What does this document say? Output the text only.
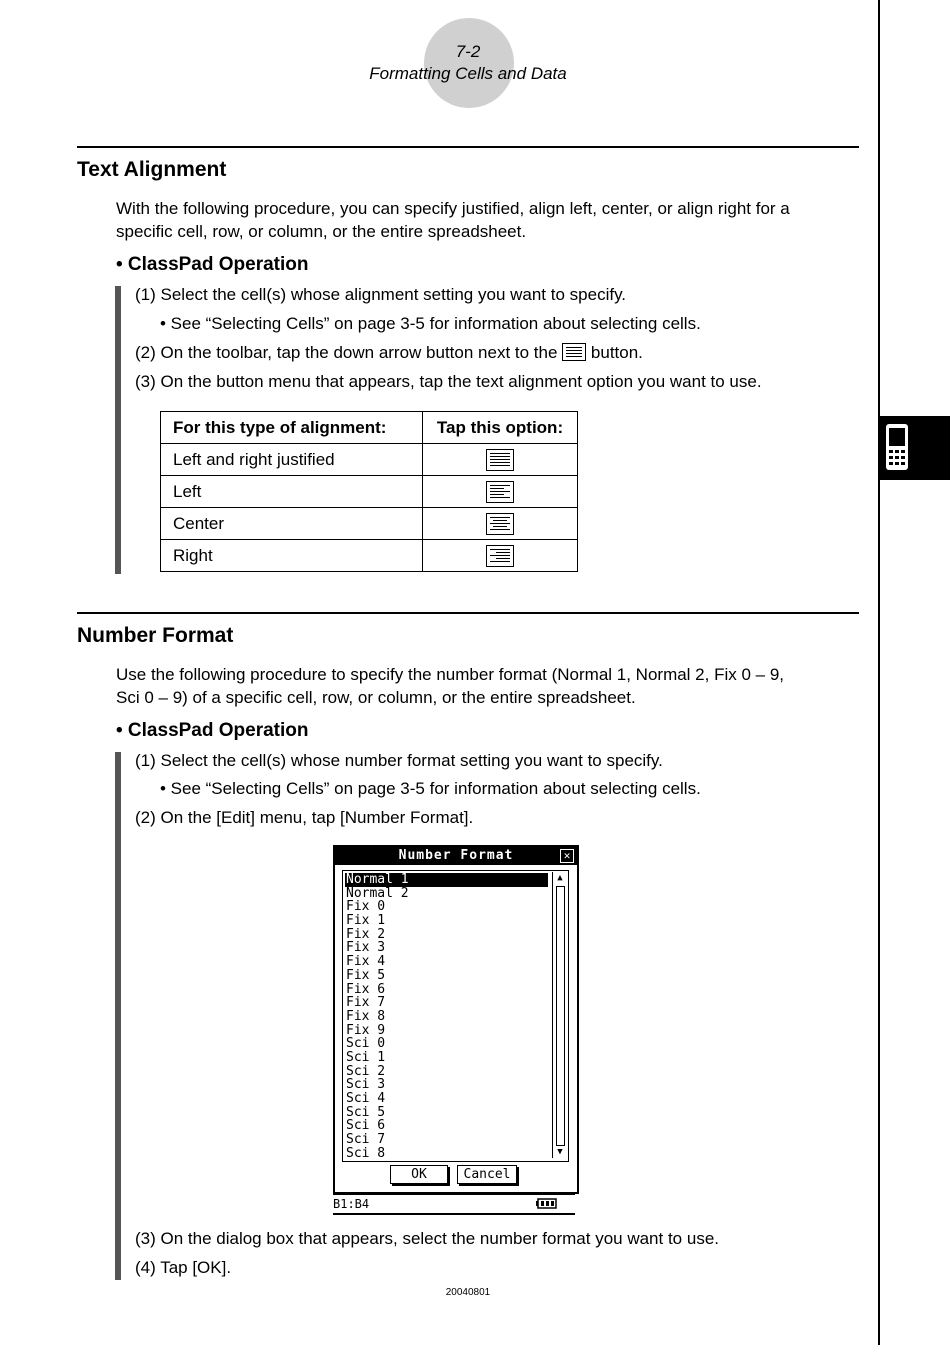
7-2
Formatting Cells and Data
Text Alignment
With the following procedure, you can specify justified, align left, center, or align right for a
specific cell, row, or column, or the entire spreadsheet.
• ClassPad Operation
(1) Select the cell(s) whose alignment setting you want to specify.
• See “Selecting Cells” on page 3-5 for information about selecting cells.
(2) On the toolbar, tap the down arrow button next to the button.
(3) On the button menu that appears, tap the text alignment option you want to use.
For this type of alignment:	Tap this option:
Left and right justified	

Left	

Center	

Right	
Number Format
Use the following procedure to specify the number format (Normal 1, Normal 2, Fix 0 – 9,
Sci 0 – 9) of a specific cell, row, or column, or the entire spreadsheet.
• ClassPad Operation
(1) Select the cell(s) whose number format setting you want to specify.
• See “Selecting Cells” on page 3-5 for information about selecting cells.
(2) On the [Edit] menu, tap [Number Format].
Number Format	✕
Normal 1
Normal 2
Fix 0
Fix 1
Fix 2
Fix 3
Fix 4
Fix 5
Fix 6
Fix 7
Fix 8
Fix 9
Sci 0
Sci 1
Sci 2
Sci 3
Sci 4
Sci 5
Sci 6
Sci 7
Sci 8
▲
▼
OK	Cancel
B1:B4
(3) On the dialog box that appears, select the number format you want to use.
(4) Tap [OK].
20040801
